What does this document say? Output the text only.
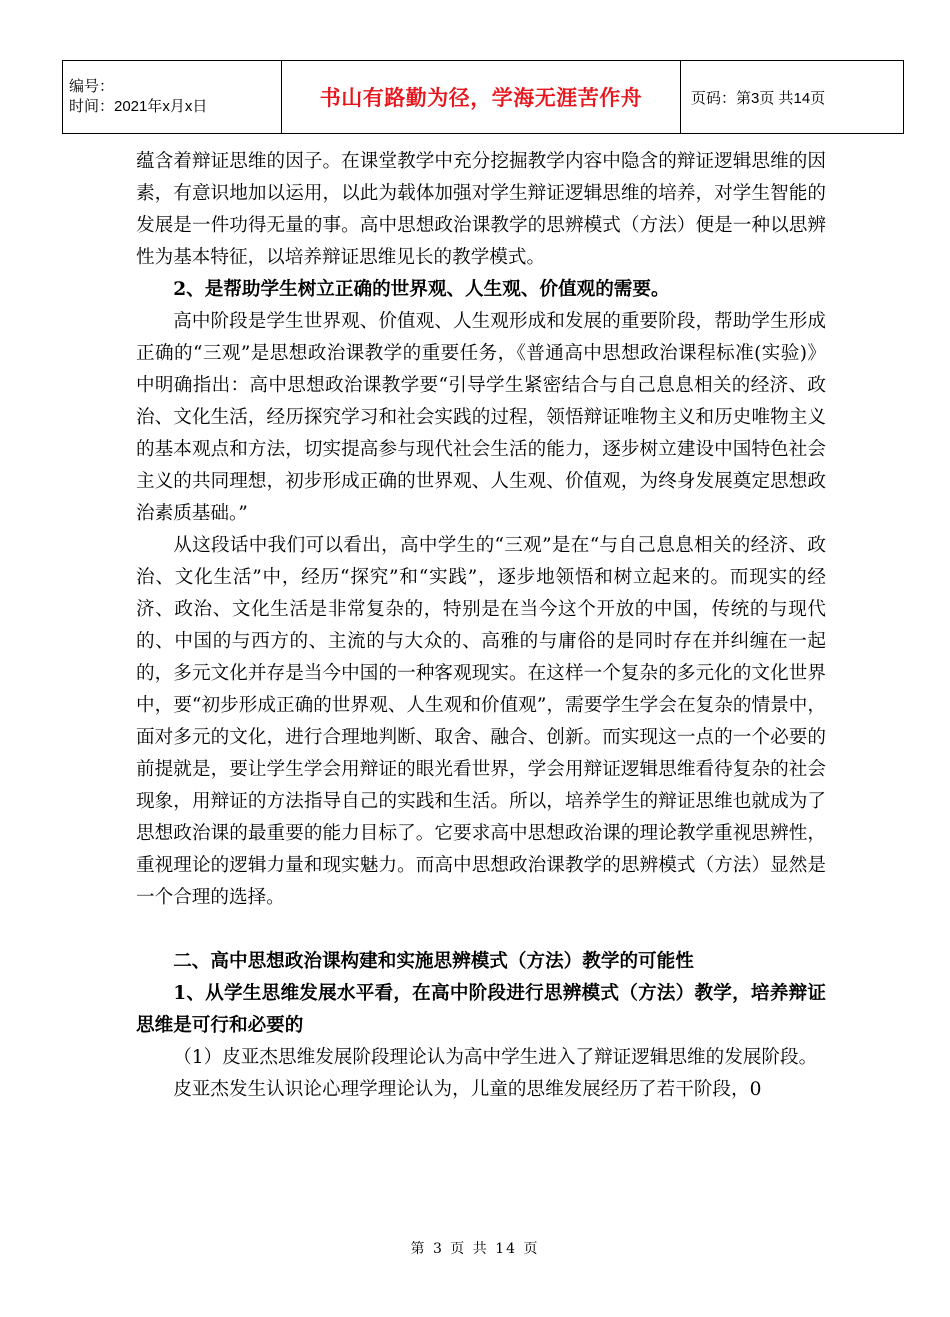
编号：
时间：2021年x月x日	书山有路勤为径，学海无涯苦作舟	页码：第3页 共14页

蕴含着辩证思维的因子。在课堂教学中充分挖掘教学内容中隐含的辩证逻辑思维的因素，有意识地加以运用，以此为载体加强对学生辩证逻辑思维的培养，对学生智能的发展是一件功得无量的事。高中思想政治课教学的思辨模式（方法）便是一种以思辨性为基本特征，以培养辩证思维见长的教学模式。

2、是帮助学生树立正确的世界观、人生观、价值观的需要。

高中阶段是学生世界观、价值观、人生观形成和发展的重要阶段，帮助学生形成正确的“三观”是思想政治课教学的重要任务，《普通高中思想政治课程标准(实验)》中明确指出：高中思想政治课教学要“引导学生紧密结合与自己息息相关的经济、政治、文化生活，经历探究学习和社会实践的过程，领悟辩证唯物主义和历史唯物主义的基本观点和方法，切实提高参与现代社会生活的能力，逐步树立建设中国特色社会主义的共同理想，初步形成正确的世界观、人生观、价值观，为终身发展奠定思想政治素质基础。”

从这段话中我们可以看出，高中学生的“三观”是在“与自己息息相关的经济、政治、文化生活”中，经历“探究”和“实践”，逐步地领悟和树立起来的。而现实的经济、政治、文化生活是非常复杂的，特别是在当今这个开放的中国，传统的与现代的、中国的与西方的、主流的与大众的、高雅的与庸俗的是同时存在并纠缠在一起的，多元文化并存是当今中国的一种客观现实。在这样一个复杂的多元化的文化世界中，要“初步形成正确的世界观、人生观和价值观”，需要学生学会在复杂的情景中，面对多元的文化，进行合理地判断、取舍、融合、创新。而实现这一点的一个必要的前提就是，要让学生学会用辩证的眼光看世界，学会用辩证逻辑思维看待复杂的社会现象，用辩证的方法指导自己的实践和生活。所以，培养学生的辩证思维也就成为了思想政治课的最重要的能力目标了。它要求高中思想政治课的理论教学重视思辨性，重视理论的逻辑力量和现实魅力。而高中思想政治课教学的思辨模式（方法）显然是一个合理的选择。

二、高中思想政治课构建和实施思辨模式（方法）教学的可能性

1、从学生思维发展水平看，在高中阶段进行思辨模式（方法）教学，培养辩证思维是可行和必要的

（1）皮亚杰思维发展阶段理论认为高中学生进入了辩证逻辑思维的发展阶段。

皮亚杰发生认识论心理学理论认为，儿童的思维发展经历了若干阶段，0

第 3 页 共 14 页
